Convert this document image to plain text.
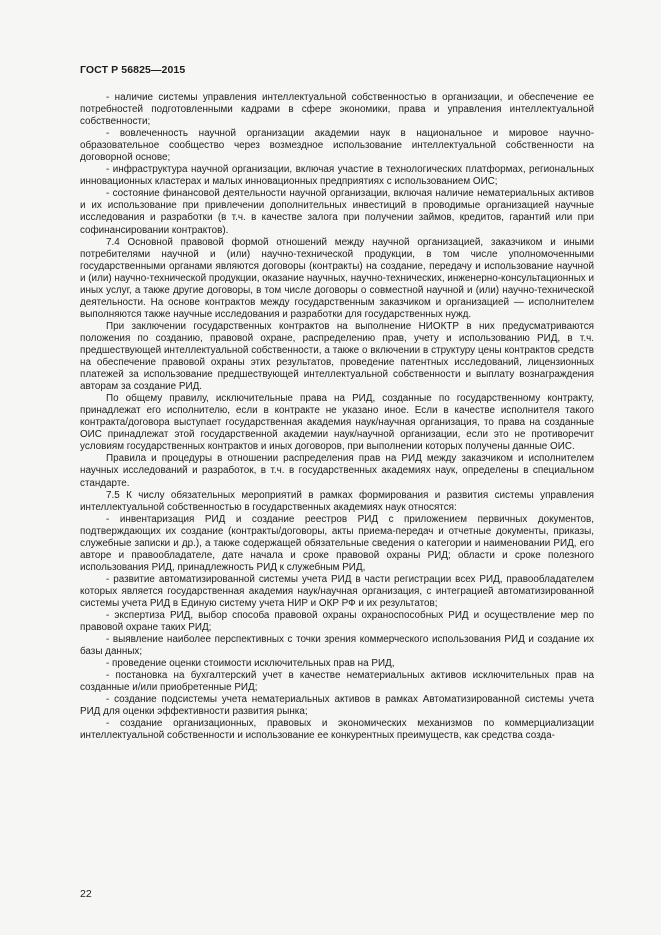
ГОСТ Р 56825—2015

- наличие системы управления интеллектуальной собственностью в организации, и обеспечение ее потребностей подготовленными кадрами в сфере экономики, права и управления интеллектуальной собственности;

- вовлеченность научной организации академии наук в национальное и мировое научно-образовательное сообщество через возмездное использование интеллектуальной собственности на договорной основе;

- инфраструктура научной организации, включая участие в технологических платформах, региональных инновационных кластерах и малых инновационных предприятиях с использованием ОИС;

- состояние финансовой деятельности научной организации, включая наличие нематериальных активов и их использование при привлечении дополнительных инвестиций в проводимые организацией научные исследования и разработки (в т.ч. в качестве залога при получении займов, кредитов, гарантий или при софинансировании контрактов).

7.4 Основной правовой формой отношений между научной организацией, заказчиком и иными потребителями научной и (или) научно-технической продукции, в том числе уполномоченными государственными органами являются договоры (контракты) на создание, передачу и использование научной и (или) научно-технической продукции, оказание научных, научно-технических, инженерно-консультационных и иных услуг, а также другие договоры, в том числе договоры о совместной научной и (или) научно-технической деятельности. На основе контрактов между государственным заказчиком и организацией — исполнителем выполняются также научные исследования и разработки для государственных нужд.

При заключении государственных контрактов на выполнение НИОКТР в них предусматриваются положения по созданию, правовой охране, распределению прав, учету и использованию РИД, в т.ч. предшествующей интеллектуальной собственности, а также о включении в структуру цены контрактов средств на обеспечение правовой охраны этих результатов, проведение патентных исследований, лицензионных платежей за использование предшествующей интеллектуальной собственности и выплату вознаграждения авторам за создание РИД.

По общему правилу, исключительные права на РИД, созданные по государственному контракту, принадлежат его исполнителю, если в контракте не указано иное. Если в качестве исполнителя такого контракта/договора выступает государственная академия наук/научная организация, то права на созданные ОИС принадлежат этой государственной академии наук/научной организации, если это не противоречит условиям государственных контрактов и иных договоров, при выполнении которых получены данные ОИС.

Правила и процедуры в отношении распределения прав на РИД между заказчиком и исполнителем научных исследований и разработок, в т.ч. в государственных академиях наук, определены в специальном стандарте.

7.5 К числу обязательных мероприятий в рамках формирования и развития системы управления интеллектуальной собственностью в государственных академиях наук относятся:

- инвентаризация РИД и создание реестров РИД с приложением первичных документов, подтверждающих их создание (контракты/договоры, акты приема-передач и отчетные документы, приказы, служебные записки и др.), а также содержащей обязательные сведения о категории и наименовании РИД, его авторе и правообладателе, дате начала и сроке правовой охраны РИД; области и сроке полезного использования РИД, принадлежность РИД к служебным РИД,

- развитие автоматизированной системы учета РИД в части регистрации всех РИД, правообладателем которых является государственная академия наук/научная организация, с интеграцией автоматизированной системы учета РИД в Единую систему учета НИР и ОКР РФ и их результатов;

- экспертиза РИД, выбор способа правовой охраны охраноспособных РИД и осуществление мер по правовой охране таких РИД;

- выявление наиболее перспективных с точки зрения коммерческого использования РИД и создание их базы данных;

- проведение оценки стоимости исключительных прав на РИД,

- постановка на бухгалтерский учет в качестве нематериальных активов исключительных прав на созданные и/или приобретенные РИД;

- создание подсистемы учета нематериальных активов в рамках Автоматизированной системы учета РИД для оценки эффективности развития рынка;

- создание организационных, правовых и экономических механизмов по коммерциализации интеллектуальной собственности и использование ее конкурентных преимуществ, как средства созда-

22
